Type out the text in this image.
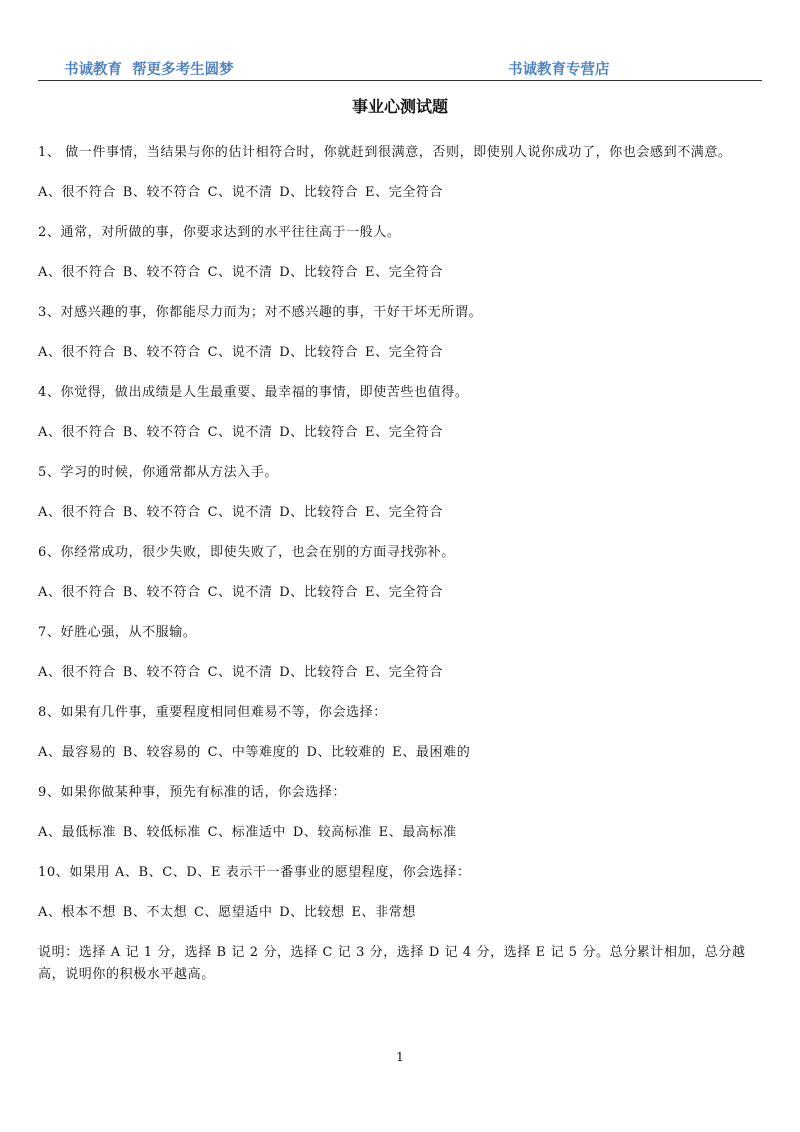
书诚教育  帮更多考生圆梦	书诚教育专营店
事业心测试题

1、 做一件事情，当结果与你的估计相符合时，你就赶到很满意，否则，即使别人说你成功了，你也会感到不满意。

A、很不符合 B、较不符合 C、说不清 D、比较符合 E、完全符合

2、通常，对所做的事，你要求达到的水平往往高于一般人。

A、很不符合 B、较不符合 C、说不清 D、比较符合 E、完全符合

3、对感兴趣的事，你都能尽力而为；对不感兴趣的事，干好干坏无所谓。

A、很不符合 B、较不符合 C、说不清 D、比较符合 E、完全符合

4、你觉得，做出成绩是人生最重要、最幸福的事情，即使苦些也值得。

A、很不符合 B、较不符合 C、说不清 D、比较符合 E、完全符合

5、学习的时候，你通常都从方法入手。

A、很不符合 B、较不符合 C、说不清 D、比较符合 E、完全符合

6、你经常成功，很少失败，即使失败了，也会在别的方面寻找弥补。

A、很不符合 B、较不符合 C、说不清 D、比较符合 E、完全符合

7、好胜心强，从不服输。

A、很不符合 B、较不符合 C、说不清 D、比较符合 E、完全符合

8、如果有几件事，重要程度相同但难易不等，你会选择：

A、最容易的 B、较容易的 C、中等难度的 D、比较难的 E、最困难的

9、如果你做某种事，预先有标准的话，你会选择：

A、最低标准 B、较低标准 C、标准适中 D、较高标准 E、最高标准

10、如果用 A、B、C、D、E 表示干一番事业的愿望程度，你会选择：

A、根本不想 B、不太想 C、愿望适中 D、比较想 E、非常想

说明：选择 A 记 1 分，选择 B 记 2 分，选择 C 记 3 分，选择 D 记 4 分，选择 E 记 5 分。总分累计相加，总分越高，说明你的积极水平越高。

1
